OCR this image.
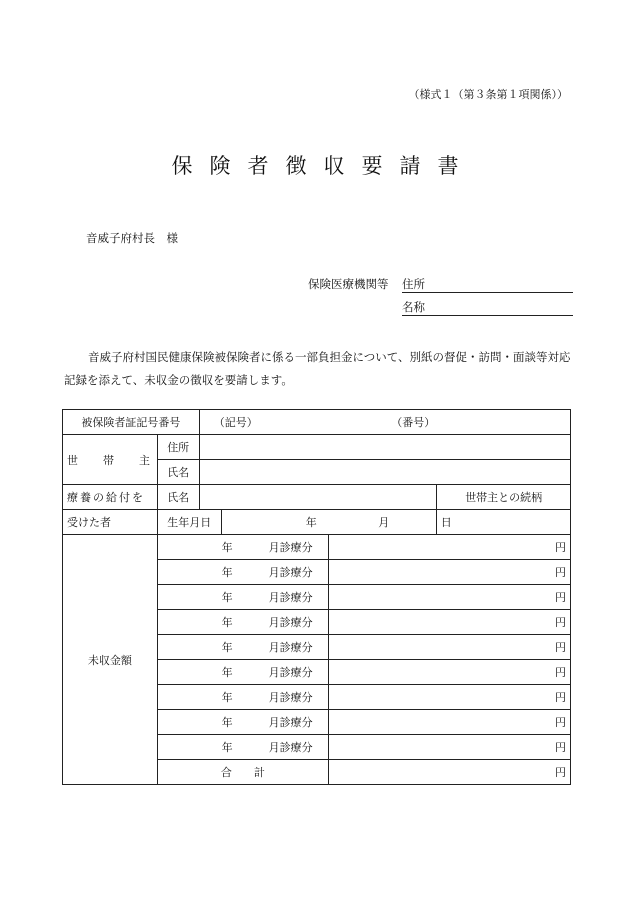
（様式１（第３条第１項関係））
保険者徴収要請書
音威子府村長　様
保険医療機関等 住所
名称

音威子府村国民健康保険被保険者に係る一部負担金について、別紙の督促・訪問・面談等対応記録を添えて、未収金の徴収を要請します。

被保険者証記号番号		（記号） （番号）			
世　帯　主	住所				
	氏名				
療養の給付を	氏名				世帯主との続柄
受けた者	生年月日		年 月 日		
未収金額	年 月診療分			円	
	年 月診療分			円	
	年 月診療分			円	
	年 月診療分			円	
	年 月診療分			円	
	年 月診療分			円	
	年 月診療分			円	
	年 月診療分			円	
	年 月診療分			円	
	合　　計			円	
